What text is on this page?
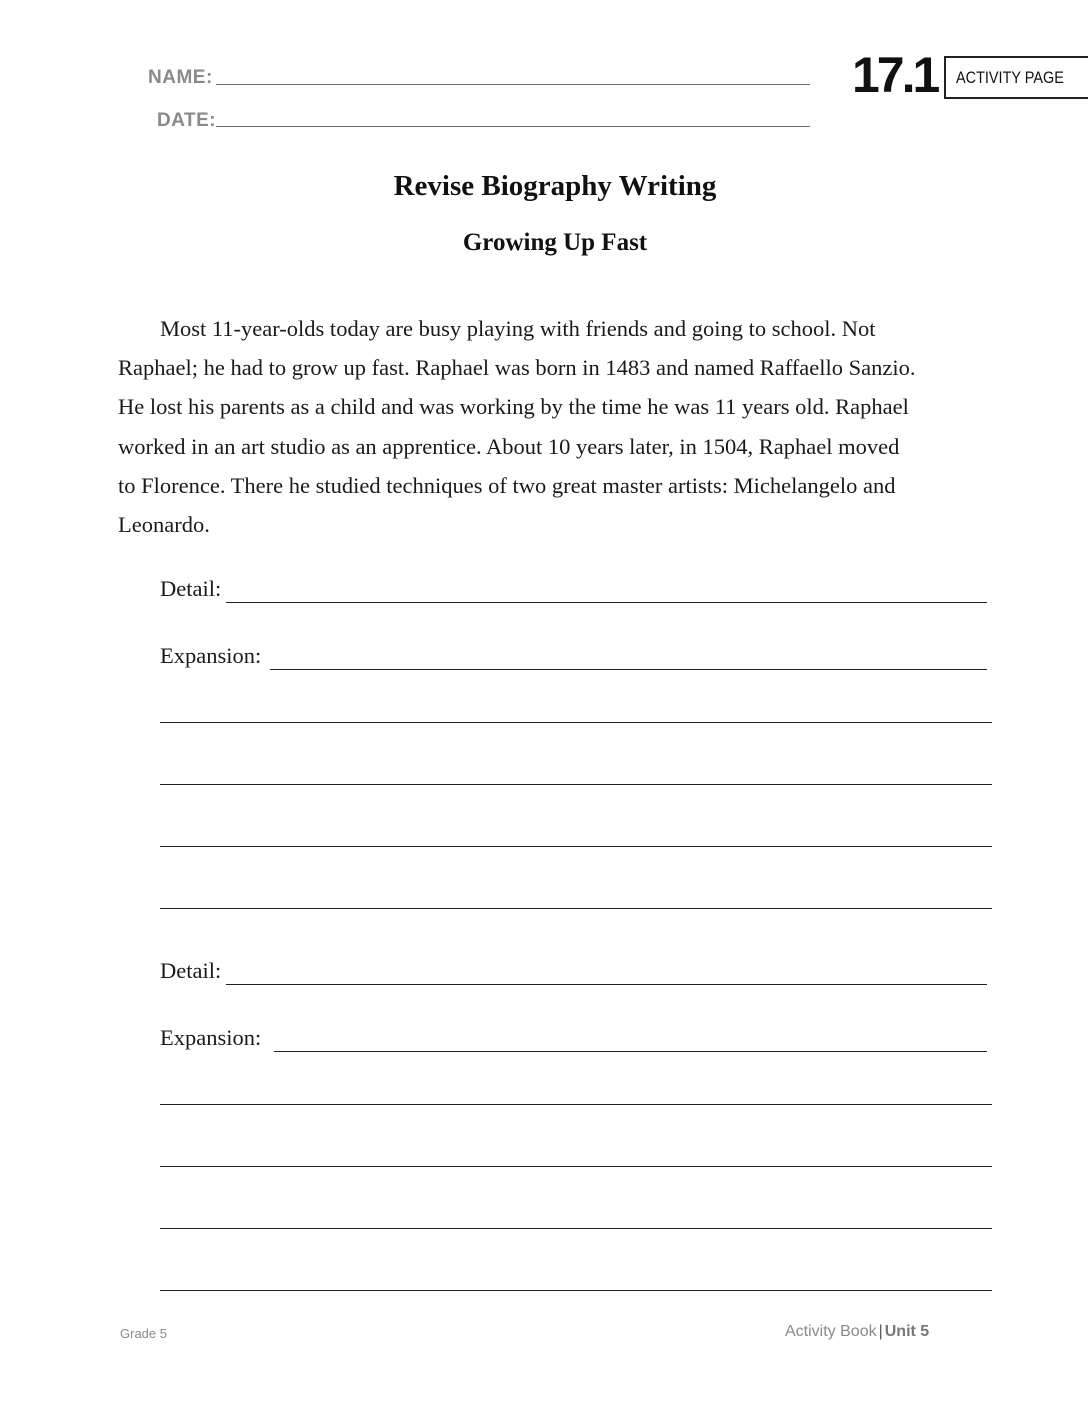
NAME:
DATE:
17.1 ACTIVITY PAGE
Revise Biography Writing
Growing Up Fast

Most 11-year-olds today are busy playing with friends and going to school. Not
Raphael; he had to grow up fast. Raphael was born in 1483 and named Raffaello Sanzio.
He lost his parents as a child and was working by the time he was 11 years old. Raphael
worked in an art studio as an apprentice. About 10 years later, in 1504, Raphael moved
to Florence. There he studied techniques of two great master artists: Michelangelo and
Leonardo.

Detail:
Expansion:
Detail:
Expansion:
Grade 5	Activity Book | Unit 5
